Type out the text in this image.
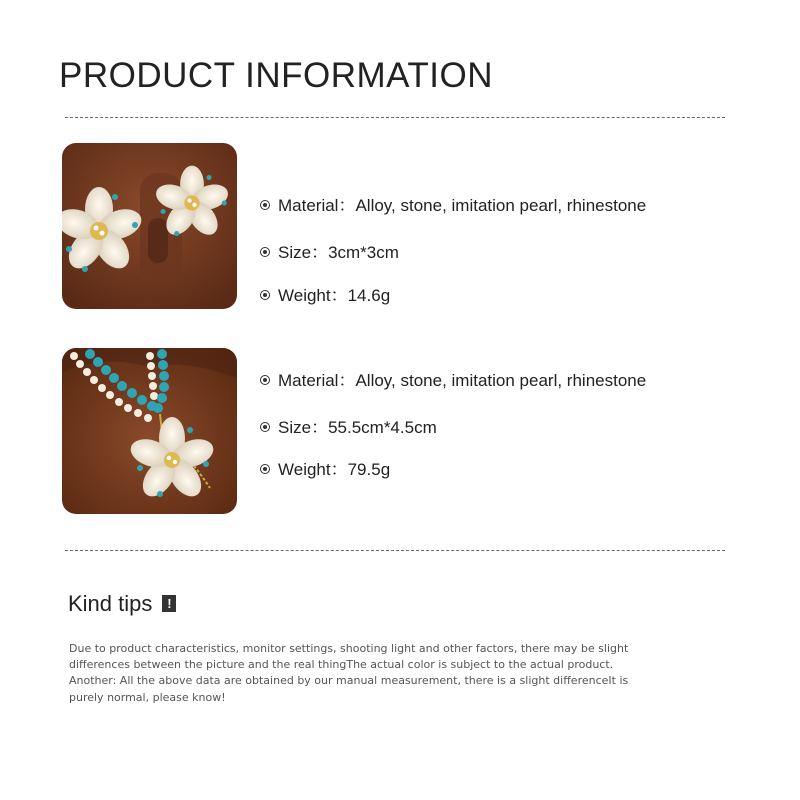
PRODUCT INFORMATION
Material：Alloy, stone, imitation pearl, rhinestone
Size：3cm*3cm
Weight：14.6g
Material：Alloy, stone, imitation pearl, rhinestone
Size：55.5cm*4.5cm
Weight：79.5g
Kind tips !

Due to product characteristics, monitor settings, shooting light and other factors, there may be slight differences between the picture and the real thingThe actual color is subject to the actual product.

Another: All the above data are obtained by our manual measurement, there is a slight differenceIt is purely normal, please know!
